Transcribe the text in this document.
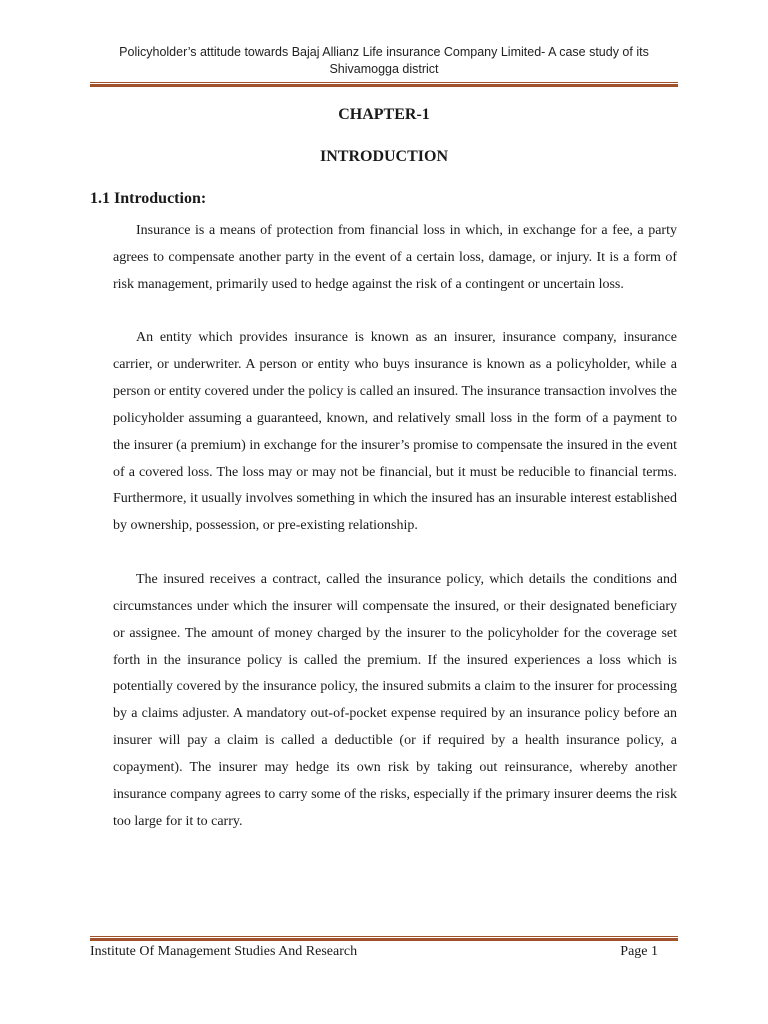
Policyholder’s attitude towards Bajaj Allianz Life insurance Company Limited- A case study of its Shivamogga district
CHAPTER-1
INTRODUCTION
1.1 Introduction:

Insurance is a means of protection from financial loss in which, in exchange for a fee, a party agrees to compensate another party in the event of a certain loss, damage, or injury. It is a form of risk management, primarily used to hedge against the risk of a contingent or uncertain loss.

An entity which provides insurance is known as an insurer, insurance company, insurance carrier, or underwriter. A person or entity who buys insurance is known as a policyholder, while a person or entity covered under the policy is called an insured. The insurance transaction involves the policyholder assuming a guaranteed, known, and relatively small loss in the form of a payment to the insurer (a premium) in exchange for the insurer’s promise to compensate the insured in the event of a covered loss. The loss may or may not be financial, but it must be reducible to financial terms. Furthermore, it usually involves something in which the insured has an insurable interest established by ownership, possession, or pre-existing relationship.

The insured receives a contract, called the insurance policy, which details the conditions and circumstances under which the insurer will compensate the insured, or their designated beneficiary or assignee. The amount of money charged by the insurer to the policyholder for the coverage set forth in the insurance policy is called the premium. If the insured experiences a loss which is potentially covered by the insurance policy, the insured submits a claim to the insurer for processing by a claims adjuster. A mandatory out-of-pocket expense required by an insurance policy before an insurer will pay a claim is called a deductible (or if required by a health insurance policy, a copayment). The insurer may hedge its own risk by taking out reinsurance, whereby another insurance company agrees to carry some of the risks, especially if the primary insurer deems the risk too large for it to carry.

Institute Of Management Studies And Research	Page 1
